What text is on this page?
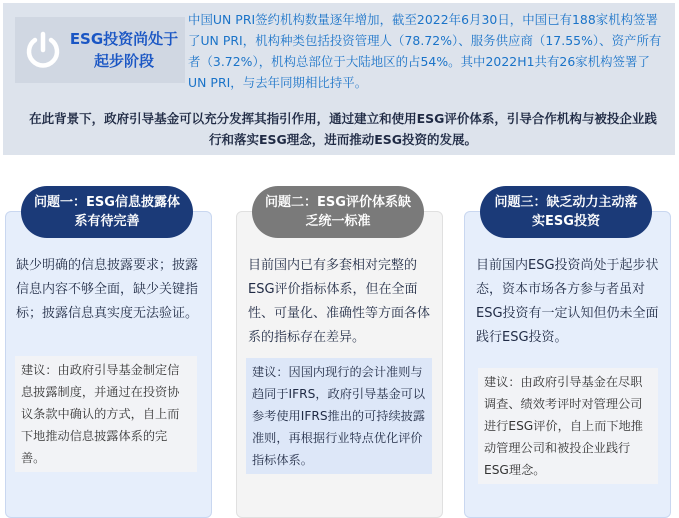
ESG投资尚处于
起步阶段
中国UN PRI签约机构数量逐年增加，截至2022年6月30日，中国已有188家机构签署了UN PRI，机构种类包括投资管理人（78.72%）、服务供应商（17.55%）、资产所有者（3.72%），机构总部位于大陆地区的占54%。其中2022H1共有26家机构签署了UN PRI，与去年同期相比持平。
在此背景下，政府引导基金可以充分发挥其指引作用，通过建立和使用ESG评价体系，引导合作机构与被投企业践行和落实ESG理念，进而推动ESG投资的发展。
问题一：ESG信息披露体系有待完善
缺少明确的信息披露要求；披露信息内容不够全面，缺少关键指标；披露信息真实度无法验证。
建议：由政府引导基金制定信息披露制度，并通过在投资协议条款中确认的方式，自上而下地推动信息披露体系的完善。
问题二：ESG评价体系缺乏统一标准
目前国内已有多套相对完整的ESG评价指标体系，但在全面性、可量化、准确性等方面各体系的指标存在差异。
建议：因国内现行的会计准则与趋同于IFRS，政府引导基金可以参考使用IFRS推出的可持续披露准则，再根据行业特点优化评价指标体系。
问题三：缺乏动力主动落实ESG投资
目前国内ESG投资尚处于起步状态，资本市场各方参与者虽对ESG投资有一定认知但仍未全面践行ESG投资。
建议：由政府引导基金在尽职调查、绩效考评时对管理公司进行ESG评价，自上而下地推动管理公司和被投企业践行ESG理念。
